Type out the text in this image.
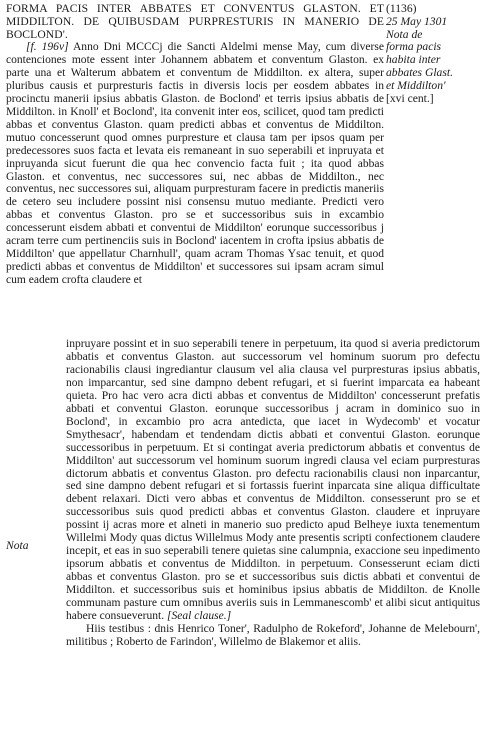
FORMA PACIS INTER ABBATES ET CONVENTUS GLASTON. ET MIDDILTON. DE QUIBUSDAM PURPRESTURIS IN MANERIO DE BOCLOND'.
(1136)

25 May 1301
Nota de
forma pacis
habita inter
abbates Glast.
et Middilton'
[xvi cent.]

[f. 196v] Anno Dni MCCCj die Sancti Aldelmi mense May, cum diverse contenciones mote essent inter Johannem abbatem et conventum Glaston. ex parte una et Walterum abbatem et conventum de Middilton. ex altera, super pluribus causis et purpresturis factis in diversis locis per eosdem abbates in procinctu manerii ipsius abbatis Glaston. de Boclond' et terris ipsius abbatis de Middilton. in Knoll' et Boclond', ita convenit inter eos, scilicet, quod tam predicti abbas et conventus Glaston. quam predicti abbas et conventus de Middilton. mutuo concesserunt quod omnes purpresture et clausa tam per ipsos quam per predecessores suos facta et levata eis remaneant in suo seperabili et inpruyata et inpruyanda sicut fuerunt die qua hec convencio facta fuit ; ita quod abbas Glaston. et conventus, nec successores sui, nec abbas de Middilton., nec conventus, nec successores sui, aliquam purpresturam facere in predictis maneriis de cetero seu includere possint nisi consensu mutuo mediante. Predicti vero abbas et conventus Glaston. pro se et successoribus suis in excambio concesserunt eisdem abbati et conventui de Middilton' eorunque successoribus j acram terre cum pertinenciis suis in Boclond' iacentem in crofta ipsius abbatis de Middilton' que appellatur Charnhull', quam acram Thomas Ysac tenuit, et quod predicti abbas et conventus de Middilton' et successores sui ipsam acram simul cum eadem crofta claudere et

inpruyare possint et in suo seperabili tenere in perpetuum, ita quod si averia predictorum abbatis et conventus Glaston. aut successorum vel hominum suorum pro defectu racionabilis clausi ingrediantur clausum vel alia clausa vel purpresturas ipsius abbatis, non imparcantur, sed sine dampno debent refugari, et si fuerint imparcata ea habeant quieta. Pro hac vero acra dicti abbas et conventus de Middilton' concesserunt prefatis abbati et conventui Glaston. eorunque successoribus j acram in dominico suo in Boclond', in excambio pro acra antedicta, que iacet in Wydecomb' et vocatur Smythesacr', habendam et tendendam dictis abbati et conventui Glaston. eorunque successoribus in perpetuum. Et si contingat averia predictorum abbatis et conventus de Middilton' aut successorum vel hominum suorum ingredi clausa vel eciam purpresturas dictorum abbatis et conventus Glaston. pro defectu racionabilis clausi non inparcantur, sed sine dampno debent refugari et si fortassis fuerint inparcata sine aliqua difficultate debent relaxari. Dicti vero abbas et conventus de Middilton. consesserunt pro se et successoribus suis quod predicti abbas et conventus Glaston. claudere et inpruyare possint ij acras more et alneti in manerio suo predicto apud Belheye iuxta tenementum Willelmi Mody quas dictus Willelmus Mody ante presentis scripti confectionem claudere incepit, et eas in suo seperabili tenere quietas sine calumpnia, exaccione seu inpedimento ipsorum abbatis et conventus de Middilton. in perpetuum. Consesserunt eciam dicti abbas et conventus Glaston. pro se et successoribus suis dictis abbati et conventui de Middilton. et successoribus suis et hominibus ipsius abbatis de Middilton. de Knolle communam pasture cum omnibus averiis suis in Lemmanescomb' et alibi sicut antiquitus habere consueverunt. [Seal clause.]

Hiis testibus : dnis Henrico Toner', Radulpho de Rokeford', Johanne de Melebourn', militibus ; Roberto de Farindon', Willelmo de Blakemor et aliis.

Nota
